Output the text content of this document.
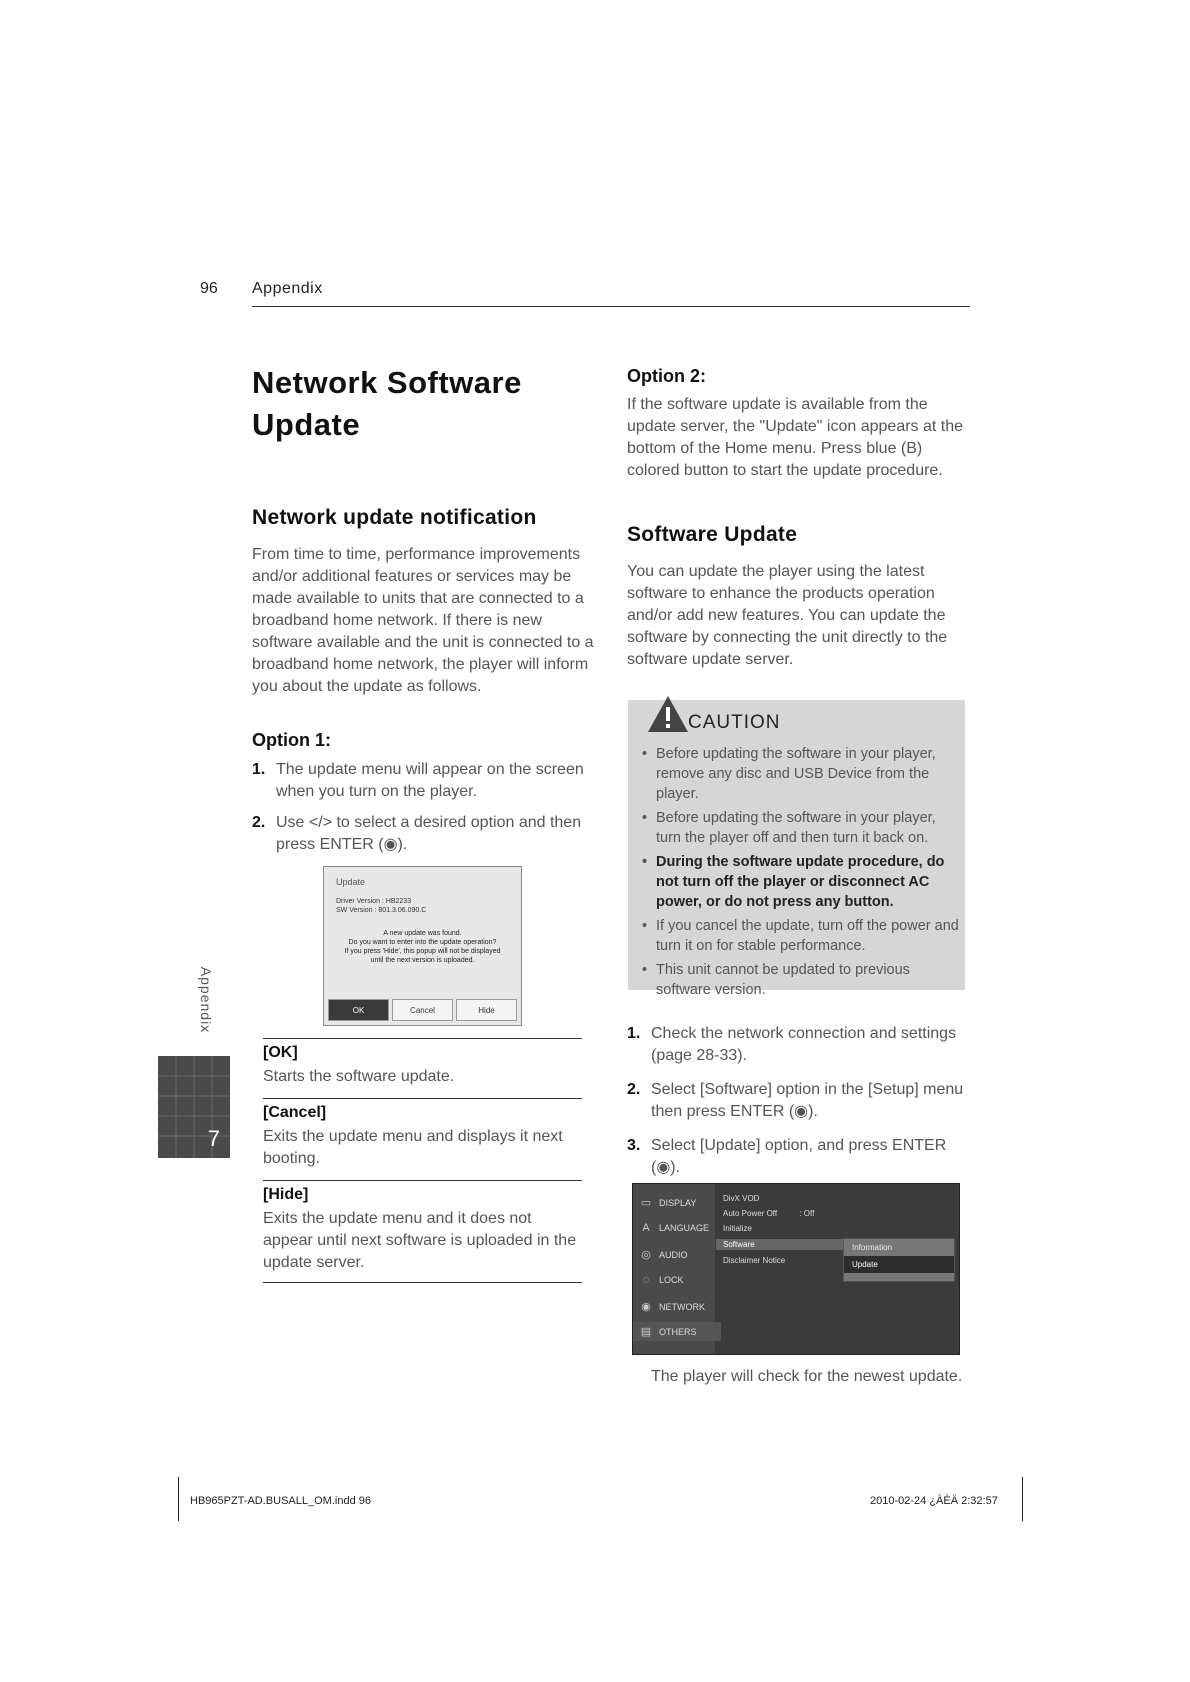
96 Appendix
Network Software Update
Network update notification
From time to time, performance improvements and/or additional features or services may be made available to units that are connected to a broadband home network. If there is new software available and the unit is connected to a broadband home network, the player will inform you about the update as follows.
Option 1:
1. The update menu will appear on the screen when you turn on the player.
2. Use </> to select a desired option and then press ENTER (◉).
Update
Driver Version : HB2233
SW Version : 801.3.06.090.C
A new update was found.
Do you want to enter into the update operation?
If you press 'Hide', this popup will not be displayed
until the next version is uploaded.
OK	Cancel	Hide
[OK]
Starts the software update.
[Cancel]
Exits the update menu and displays it next booting.
[Hide]
Exits the update menu and it does not appear until next software is uploaded in the update server.
Option 2:
If the software update is available from the update server, the "Update" icon appears at the bottom of the Home menu. Press blue (B) colored button to start the update procedure.
Software Update
You can update the player using the latest software to enhance the products operation and/or add new features. You can update the software by connecting the unit directly to the software update server.
CAUTION
• Before updating the software in your player, remove any disc and USB Device from the player.
• Before updating the software in your player, turn the player off and then turn it back on.
• During the software update procedure, do not turn off the player or disconnect AC power, or do not press any button.
• If you cancel the update, turn off the power and turn it on for stable performance.
• This unit cannot be updated to previous software version.
1. Check the network connection and settings (page 28-33).
2. Select [Software] option in the [Setup] menu then press ENTER (◉).
3. Select [Update] option, and press ENTER (◉).
▭ DISPLAY
A LANGUAGE
◎ AUDIO
◌ LOCK
◉ NETWORK
▤ OTHERS
DivX VOD
Auto Power Off	: Off
Initialize
Software
Disclaimer Notice
Information
Update
The player will check for the newest update.
Appendix
7
HB965PZT-AD.BUSALL_OM.indd 96	2010-02-24 ¿ÀÈÄ 2:32:57
